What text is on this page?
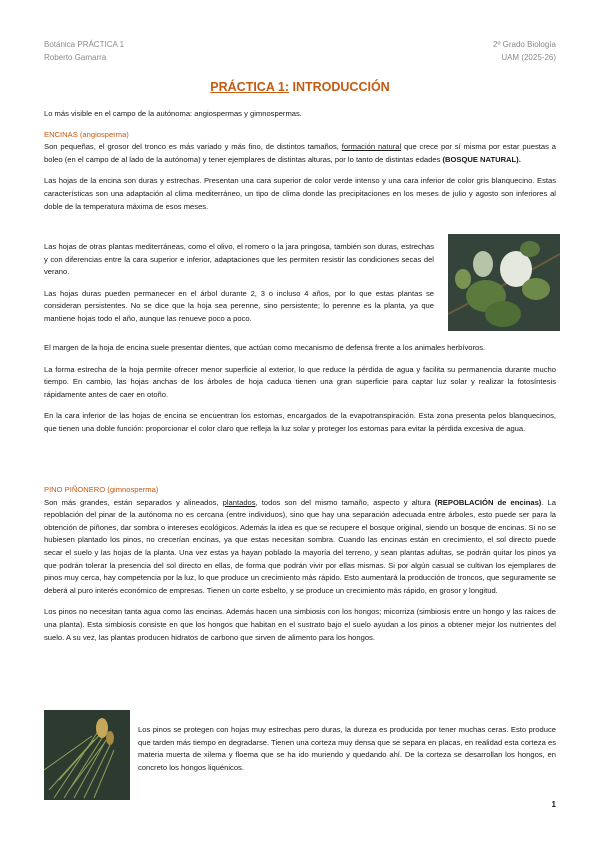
Botánica PRÁCTICA 1
Roberto Gamarra
2º Grado Biología
UAM (2025-26)
PRÁCTICA 1: INTRODUCCIÓN

Lo más visible en el campo de la autónoma: angiospermas y gimnospermas.

ENCINAS (angiosperma)

Son pequeñas, el grosor del tronco es más variado y más fino, de distintos tamaños, formación natural que crece por sí misma por estar puestas a boleo (en el campo de al lado de la autónoma) y tener ejemplares de distintas alturas, por lo tanto de distintas edades (BOSQUE NATURAL).

Las hojas de la encina son duras y estrechas. Presentan una cara superior de color verde intenso y una cara inferior de color gris blanquecino. Estas características son una adaptación al clima mediterráneo, un tipo de clima donde las precipitaciones en los meses de julio y agosto son inferiores al doble de la temperatura máxima de esos meses.

Las hojas de otras plantas mediterráneas, como el olivo, el romero o la jara pringosa, también son duras, estrechas y con diferencias entre la cara superior e inferior, adaptaciones que les permiten resistir las condiciones secas del verano.

Las hojas duras pueden permanecer en el árbol durante 2, 3 o incluso 4 años, por lo que estas plantas se consideran persistentes. No se dice que la hoja sea perenne, sino persistente; lo perenne es la planta, ya que mantiene hojas todo el año, aunque las renueve poco a poco.

El margen de la hoja de encina suele presentar dientes, que actúan como mecanismo de defensa frente a los animales herbívoros.

La forma estrecha de la hoja permite ofrecer menor superficie al exterior, lo que reduce la pérdida de agua y facilita su permanencia durante mucho tiempo. En cambio, las hojas anchas de los árboles de hoja caduca tienen una gran superficie para captar luz solar y realizar la fotosíntesis rápidamente antes de caer en otoño.

En la cara inferior de las hojas de encina se encuentran los estomas, encargados de la evapotranspiración. Esta zona presenta pelos blanquecinos, que tienen una doble función: proporcionar el color claro que refleja la luz solar y proteger los estomas para evitar la pérdida excesiva de agua.

PINO PIÑONERO (gimnosperma)

Son más grandes, están separados y alineados, plantados, todos son del mismo tamaño, aspecto y altura (REPOBLACIÓN de encinas). La repoblación del pinar de la autónoma no es cercana (entre individuos), sino que hay una separación adecuada entre árboles, esto puede ser para la obtención de piñones, dar sombra o intereses ecológicos. Además la idea es que se recupere el bosque original, siendo un bosque de encinas. Si no se hubiesen plantado los pinos, no crecerían encinas, ya que estas necesitan sombra. Cuando las encinas están en crecimiento, el sol directo puede secar el suelo y las hojas de la planta. Una vez estas ya hayan poblado la mayoría del terreno, y sean plantas adultas, se podrán quitar los pinos ya que podrán tolerar la presencia del sol directo en ellas, de forma que podrán vivir por ellas mismas. Si por algún casual se cultivan los ejemplares de pinos muy cerca, hay competencia por la luz, lo que produce un crecimiento más rápido. Esto aumentará la producción de troncos, que seguramente se deberá al puro interés económico de empresas. Tienen un corte esbelto, y se produce un crecimiento más rápido, en grosor y longitud.

Los pinos no necesitan tanta agua como las encinas. Además hacen una simbiosis con los hongos; micorriza (simbiosis entre un hongo y las raíces de una planta). Esta simbiosis consiste en que los hongos que habitan en el sustrato bajo el suelo ayudan a los pinos a obtener mejor los nutrientes del suelo. A su vez, las plantas producen hidratos de carbono que sirven de alimento para los hongos.

Los pinos se protegen con hojas muy estrechas pero duras, la dureza es producida por tener muchas ceras. Esto produce que tarden más tiempo en degradarse. Tienen una corteza muy densa que se separa en placas, en realidad esta corteza es materia muerta de xilema y floema que se ha ido muriendo y quedando ahí. De la corteza se desarrollan los hongos, en concreto los hongos liquénicos.

1
